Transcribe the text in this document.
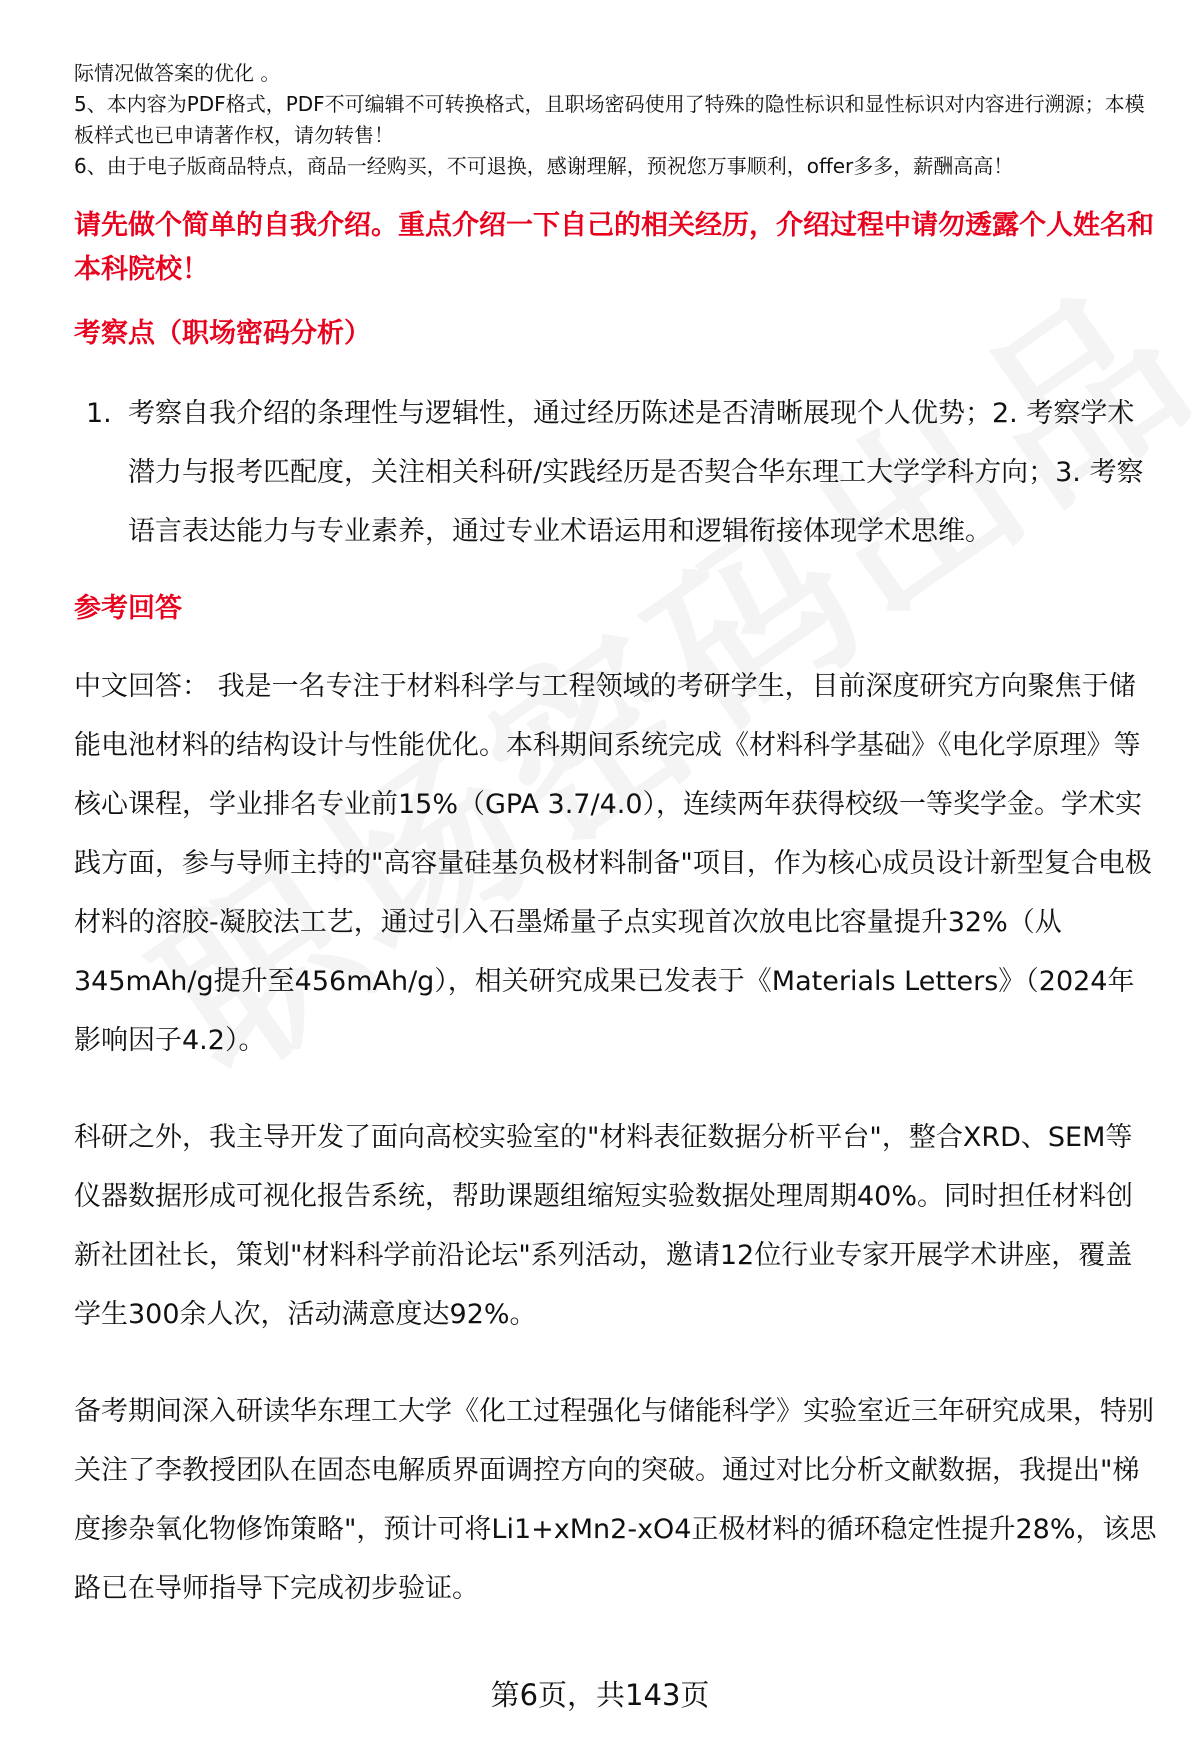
际情况做答案的优化 。

5、本内容为PDF格式，PDF不可编辑不可转换格式，且职场密码使用了特殊的隐性标识和显性标识对内容进行溯源；本模板样式也已申请著作权，请勿转售！

6、由于电子版商品特点，商品一经购买，不可退换，感谢理解，预祝您万事顺利，offer多多，薪酬高高！

请先做个简单的自我介绍。重点介绍一下自己的相关经历，介绍过程中请勿透露个人姓名和本科院校！
考察点（职场密码分析）
1. 考察自我介绍的条理性与逻辑性，通过经历陈述是否清晰展现个人优势；2. 考察学术潜力与报考匹配度，关注相关科研/实践经历是否契合华东理工大学学科方向；3. 考察语言表达能力与专业素养，通过专业术语运用和逻辑衔接体现学术思维。
参考回答

中文回答： 我是一名专注于材料科学与工程领域的考研学生，目前深度研究方向聚焦于储能电池材料的结构设计与性能优化。本科期间系统完成《材料科学基础》《电化学原理》等核心课程，学业排名专业前15%（GPA 3.7/4.0），连续两年获得校级一等奖学金。学术实践方面，参与导师主持的"高容量硅基负极材料制备"项目，作为核心成员设计新型复合电极材料的溶胶-凝胶法工艺，通过引入石墨烯量子点实现首次放电比容量提升32%（从345mAh/g提升至456mAh/g），相关研究成果已发表于《Materials Letters》（2024年影响因子4.2）。

科研之外，我主导开发了面向高校实验室的"材料表征数据分析平台"，整合XRD、SEM等仪器数据形成可视化报告系统，帮助课题组缩短实验数据处理周期40%。同时担任材料创新社团社长，策划"材料科学前沿论坛"系列活动，邀请12位行业专家开展学术讲座，覆盖学生300余人次，活动满意度达92%。

备考期间深入研读华东理工大学《化工过程强化与储能科学》实验室近三年研究成果，特别关注了李教授团队在固态电解质界面调控方向的突破。通过对比分析文献数据，我提出"梯度掺杂氧化物修饰策略"，预计可将Li1+xMn2-xO4正极材料的循环稳定性提升28%，该思路已在导师指导下完成初步验证。

第6页，共143页
